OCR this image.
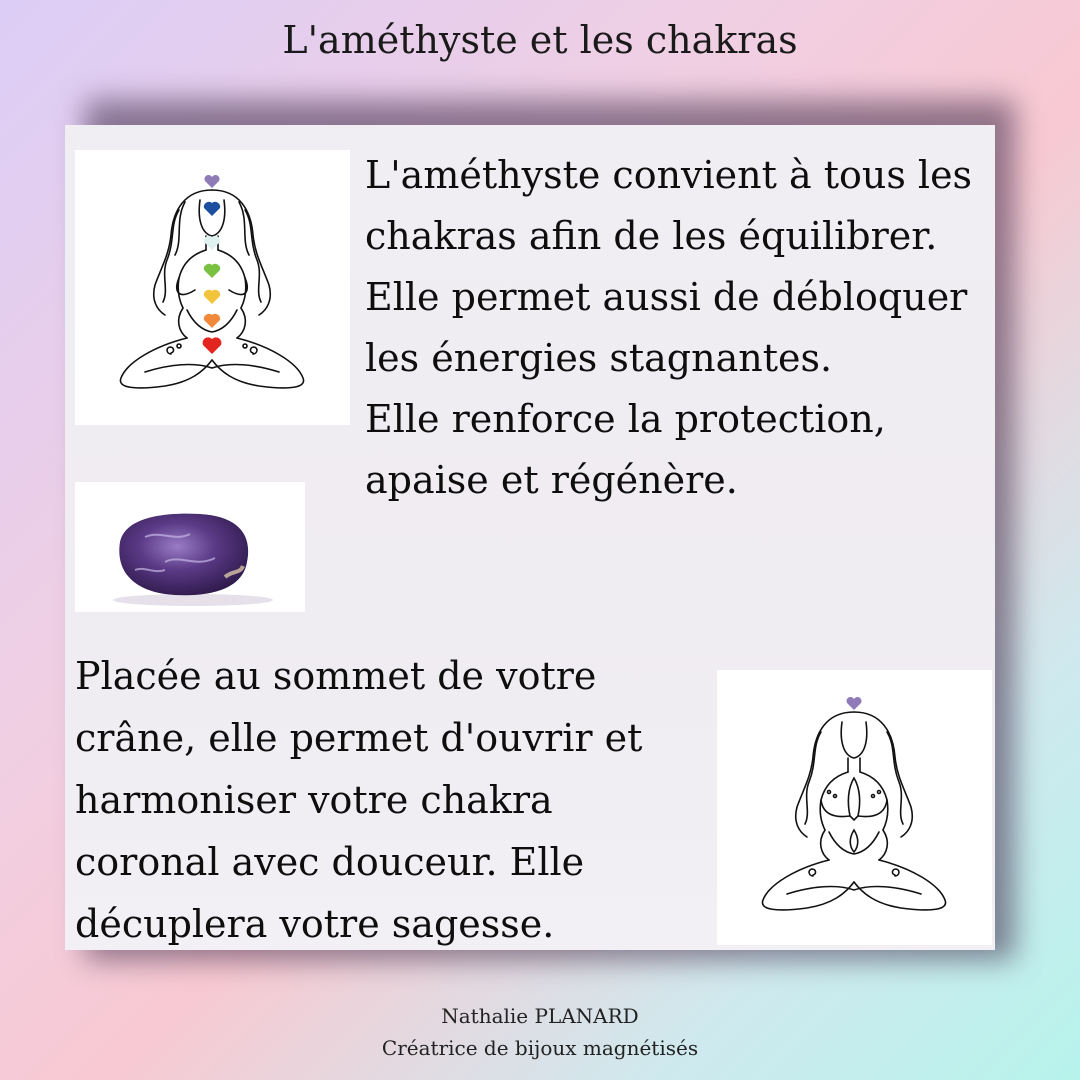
L'améthyste et les chakras
L'améthyste convient à tous les
chakras afin de les équilibrer.
Elle permet aussi de débloquer
les énergies stagnantes.
Elle renforce la protection,
apaise et régénère.
Placée au sommet de votre
crâne, elle permet d'ouvrir et
harmoniser votre chakra
coronal avec douceur. Elle
décuplera votre sagesse.
Nathalie PLANARD
Créatrice de bijoux magnétisés
